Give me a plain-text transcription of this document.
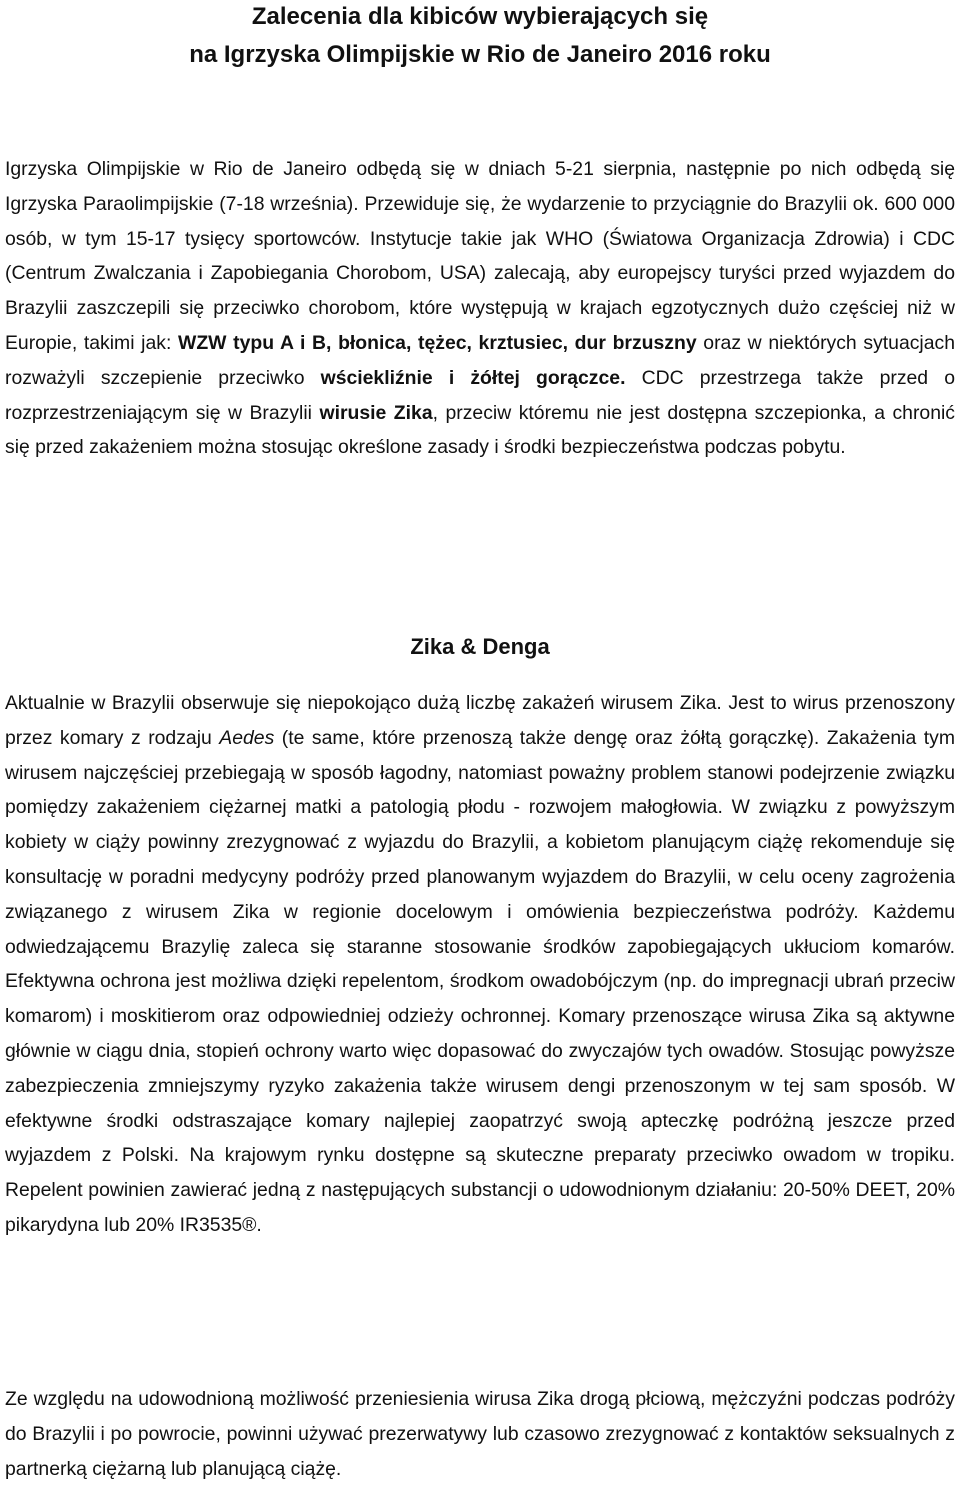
Zalecenia dla kibiców wybierających się
na Igrzyska Olimpijskie w Rio de Janeiro 2016 roku

Igrzyska Olimpijskie w Rio de Janeiro odbędą się w dniach 5-21 sierpnia, następnie po nich odbędą się Igrzyska Paraolimpijskie (7-18 września). Przewiduje się, że wydarzenie to przyciągnie do Brazylii ok. 600 000 osób, w tym 15-17 tysięcy sportowców. Instytucje takie jak WHO (Światowa Organizacja Zdrowia) i CDC (Centrum Zwalczania i Zapobiegania Chorobom, USA) zalecają, aby europejscy turyści przed wyjazdem do Brazylii zaszczepili się przeciwko chorobom, które występują w krajach egzotycznych dużo częściej niż w Europie, takimi jak: WZW typu A i B, błonica, tężec, krztusiec, dur brzuszny oraz w niektórych sytuacjach rozważyli szczepienie przeciwko wściekliźnie i żółtej gorączce. CDC przestrzega także przed o rozprzestrzeniającym się w Brazylii wirusie Zika, przeciw któremu nie jest dostępna szczepionka, a chronić się przed zakażeniem można stosując określone zasady i środki bezpieczeństwa podczas pobytu.

Zika & Denga

Aktualnie w Brazylii obserwuje się niepokojąco dużą liczbę zakażeń wirusem Zika. Jest to wirus przenoszony przez komary z rodzaju Aedes (te same, które przenoszą także dengę oraz żółtą gorączkę). Zakażenia tym wirusem najczęściej przebiegają w sposób łagodny, natomiast poważny problem stanowi podejrzenie związku pomiędzy zakażeniem ciężarnej matki a patologią płodu - rozwojem małogłowia. W związku z powyższym kobiety w ciąży powinny zrezygnować z wyjazdu do Brazylii, a kobietom planującym ciążę rekomenduje się konsultację w poradni medycyny podróży przed planowanym wyjazdem do Brazylii, w celu oceny zagrożenia związanego z wirusem Zika w regionie docelowym i omówienia bezpieczeństwa podróży. Każdemu odwiedzającemu Brazylię zaleca się staranne stosowanie środków zapobiegających ukłuciom komarów. Efektywna ochrona jest możliwa dzięki repelentom, środkom owadobójczym (np. do impregnacji ubrań przeciw komarom) i moskitierom oraz odpowiedniej odzieży ochronnej. Komary przenoszące wirusa Zika są aktywne głównie w ciągu dnia, stopień ochrony warto więc dopasować do zwyczajów tych owadów. Stosując powyższe zabezpieczenia zmniejszymy ryzyko zakażenia także wirusem dengi przenoszonym w tej sam sposób. W efektywne środki odstraszające komary najlepiej zaopatrzyć swoją apteczkę podróżną jeszcze przed wyjazdem z Polski. Na krajowym rynku dostępne są skuteczne preparaty przeciwko owadom w tropiku. Repelent powinien zawierać jedną z następujących substancji o udowodnionym działaniu: 20-50% DEET, 20% pikarydyna lub 20% IR3535®.

Ze względu na udowodnioną możliwość przeniesienia wirusa Zika drogą płciową, mężczyźni podczas podróży do Brazylii i po powrocie, powinni używać prezerwatywy lub czasowo zrezygnować z kontaktów seksualnych z partnerką ciężarną lub planującą ciążę.
